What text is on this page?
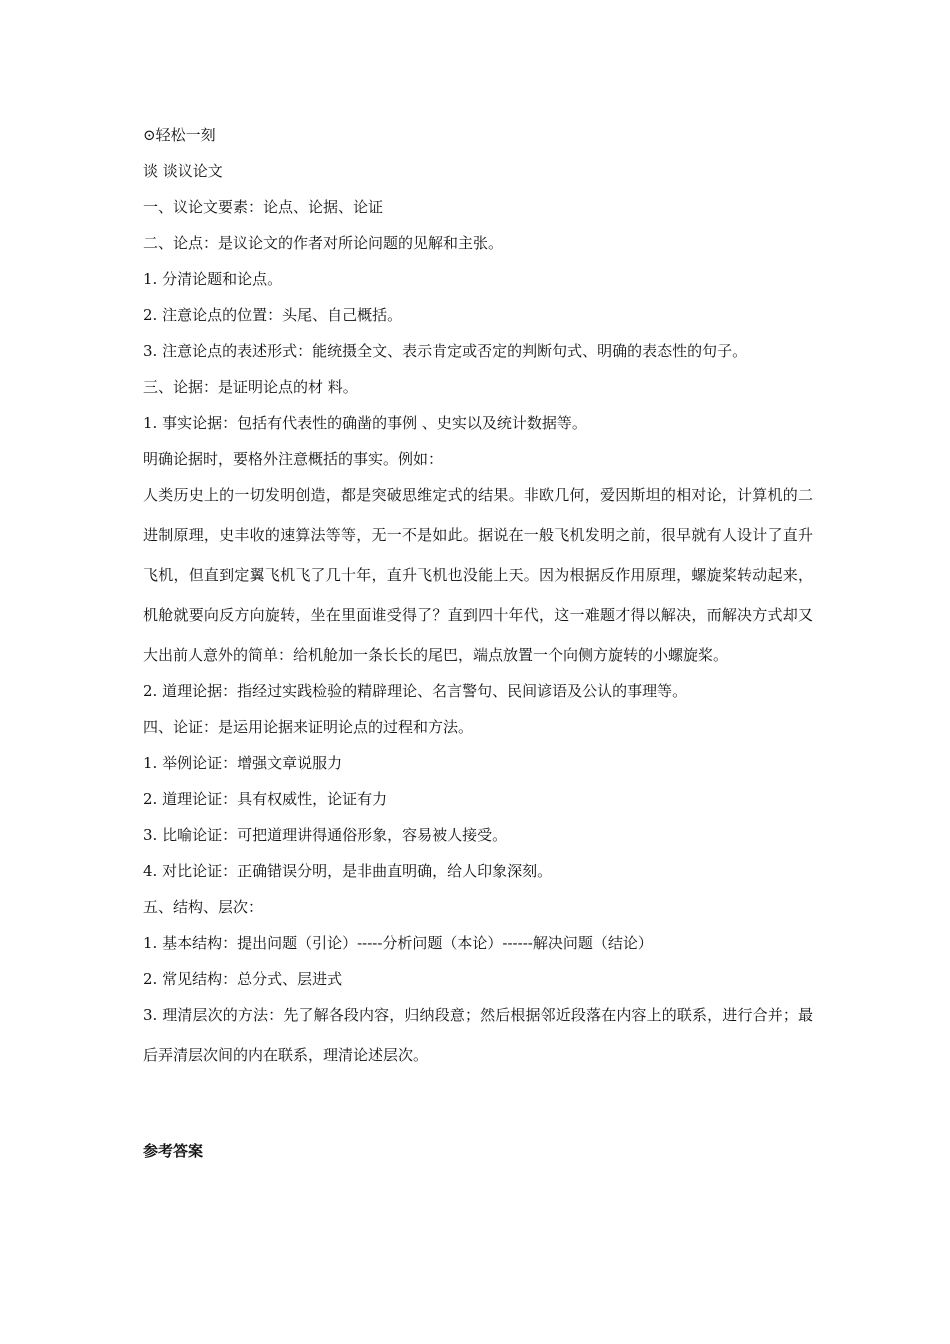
⊙轻松一刻

谈 谈议论文

一、议论文要素：论点、论据、论证

二、论点：是议论文的作者对所论问题的见解和主张。

1. 分清论题和论点。

2. 注意论点的位置：头尾、自己概括。

3. 注意论点的表述形式：能统摄全文、表示肯定或否定的判断句式、明确的表态性的句子。

三、论据：是证明论点的材 料。

1. 事实论据：包括有代表性的确凿的事例 、史实以及统计数据等。

明确论据时，要格外注意概括的事实。例如：

人类历史上的一切发明创造，都是突破思维定式的结果。非欧几何，爱因斯坦的相对论，计算机的二进制原理，史丰收的速算法等等，无一不是如此。据说在一般飞机发明之前，很早就有人设计了直升飞机，但直到定翼飞机飞了几十年，直升飞机也没能上天。因为根据反作用原理，螺旋桨转动起来，机舱就要向反方向旋转，坐在里面谁受得了？直到四十年代，这一难题才得以解决，而解决方式却又大出前人意外的简单：给机舱加一条长长的尾巴，端点放置一个向侧方旋转的小螺旋桨。

2. 道理论据：指经过实践检验的精辟理论、名言警句、民间谚语及公认的事理等。

四、论证：是运用论据来证明论点的过程和方法。

1. 举例论证：增强文章说服力

2. 道理论证：具有权威性，论证有力

3. 比喻论证：可把道理讲得通俗形象，容易被人接受。

4. 对比论证：正确错误分明，是非曲直明确，给人印象深刻。

五、结构、层次：

1. 基本结构：提出问题（引论）-----分析问题（本论）------解决问题（结论）

2. 常见结构：总分式、层进式

3. 理清层次的方法：先了解各段内容，归纳段意；然后根据邻近段落在内容上的联系，进行合并；最后弄清层次间的内在联系，理清论述层次。

参考答案
